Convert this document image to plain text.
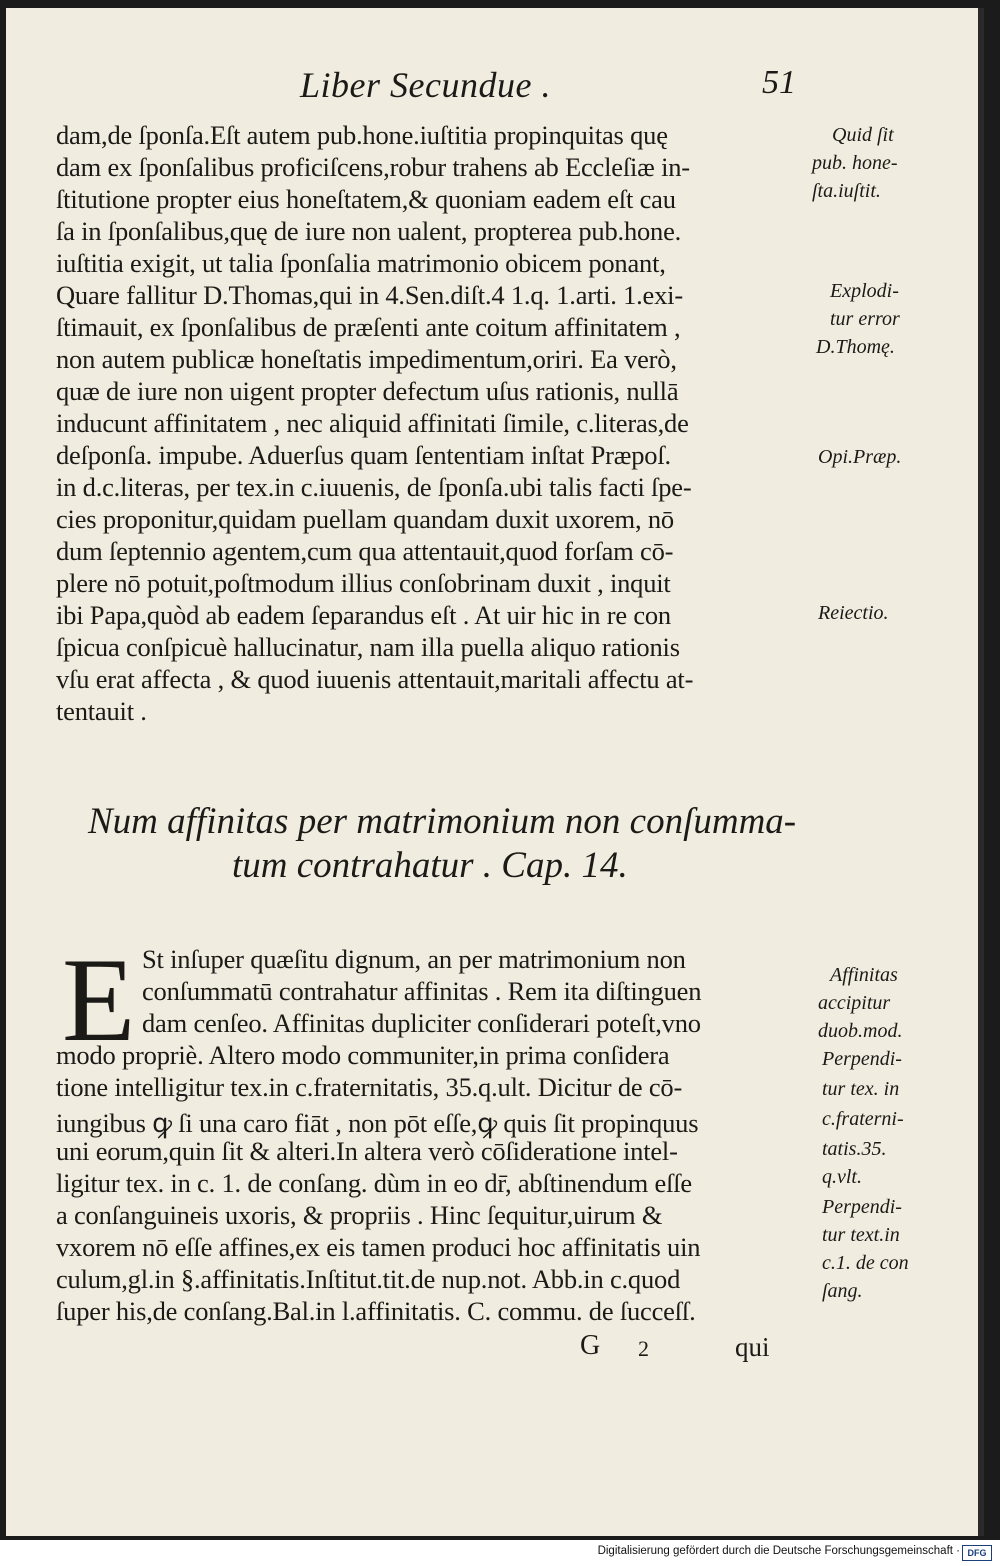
Liber Secundue .	51
dam,de ſponſa.Eſt autem pub.hone.iuſtitia propinquitas quę
dam ex ſponſalibus proficiſcens,robur trahens ab Eccleſiæ in-
ſtitutione propter eius honeſtatem,& quoniam eadem eſt cau
ſa in ſponſalibus,quę de iure non ualent, propterea pub.hone.
iuſtitia exigit, ut talia ſponſalia matrimonio obicem ponant,
Quare fallitur D.Thomas,qui in 4.Sen.diſt.4 1.q. 1.arti. 1.exi-
ſtimauit, ex ſponſalibus de præſenti ante coitum affinitatem ,
non autem publicæ honeſtatis impedimentum,oriri. Ea verò,
quæ de iure non uigent propter defectum uſus rationis, nullā
inducunt affinitatem , nec aliquid affinitati ſimile, c.literas,de
deſponſa. impube. Aduerſus quam ſententiam inſtat Præpoſ.
in d.c.literas, per tex.in c.iuuenis, de ſponſa.ubi talis facti ſpe-
cies proponitur,quidam puellam quandam duxit uxorem, nō
dum ſeptennio agentem,cum qua attentauit,quod forſam cō-
plere nō potuit,poſtmodum illius conſobrinam duxit , inquit
ibi Papa,quòd ab eadem ſeparandus eſt . At uir hic in re con
ſpicua conſpicuè hallucinatur, nam illa puella aliquo rationis
vſu erat affecta , & quod iuuenis attentauit,maritali affectu at-
tentauit .
Quid ſit
pub. hone-
ſta.iuſtit.
Explodi-
tur error
D.Thomę.
Opi.Præp.
Reiectio.
Num affinitas per matrimonium non conſumma-
tum contrahatur . Cap. 14.
E St inſuper quæſitu dignum, an per matrimonium non
conſummatū contrahatur affinitas . Rem ita diſtinguen
dam cenſeo. Affinitas dupliciter conſiderari poteſt,vno
modo propriè. Altero modo communiter,in prima conſidera
tione intelligitur tex.in c.fraternitatis, 35.q.ult. Dicitur de cō-
iungibus ꝙ ſi una caro fiāt , non pōt eſſe,ꝙ quis ſit propinquus
uni eorum,quin ſit & alteri.In altera verò cōſideratione intel-
ligitur tex. in c. 1. de conſang. dùm in eo dr̄, abſtinendum eſſe
a conſanguineis uxoris, & propriis . Hinc ſequitur,uirum &
vxorem nō eſſe affines,ex eis tamen produci hoc affinitatis uin
culum,gl.in §.affinitatis.Inſtitut.tit.de nup.not. Abb.in c.quod
ſuper his,de conſang.Bal.in l.affinitatis. C. commu. de ſucceſſ.
Affinitas
accipitur
duob.mod.
Perpendi-
tur tex. in
c.fraterni-
tatis.35.
q.vlt.
Perpendi-
tur text.in
c.1. de con
ſang.
G 2	qui
Digitalisierung gefördert durch die Deutsche Forschungsgemeinschaft · DFG
